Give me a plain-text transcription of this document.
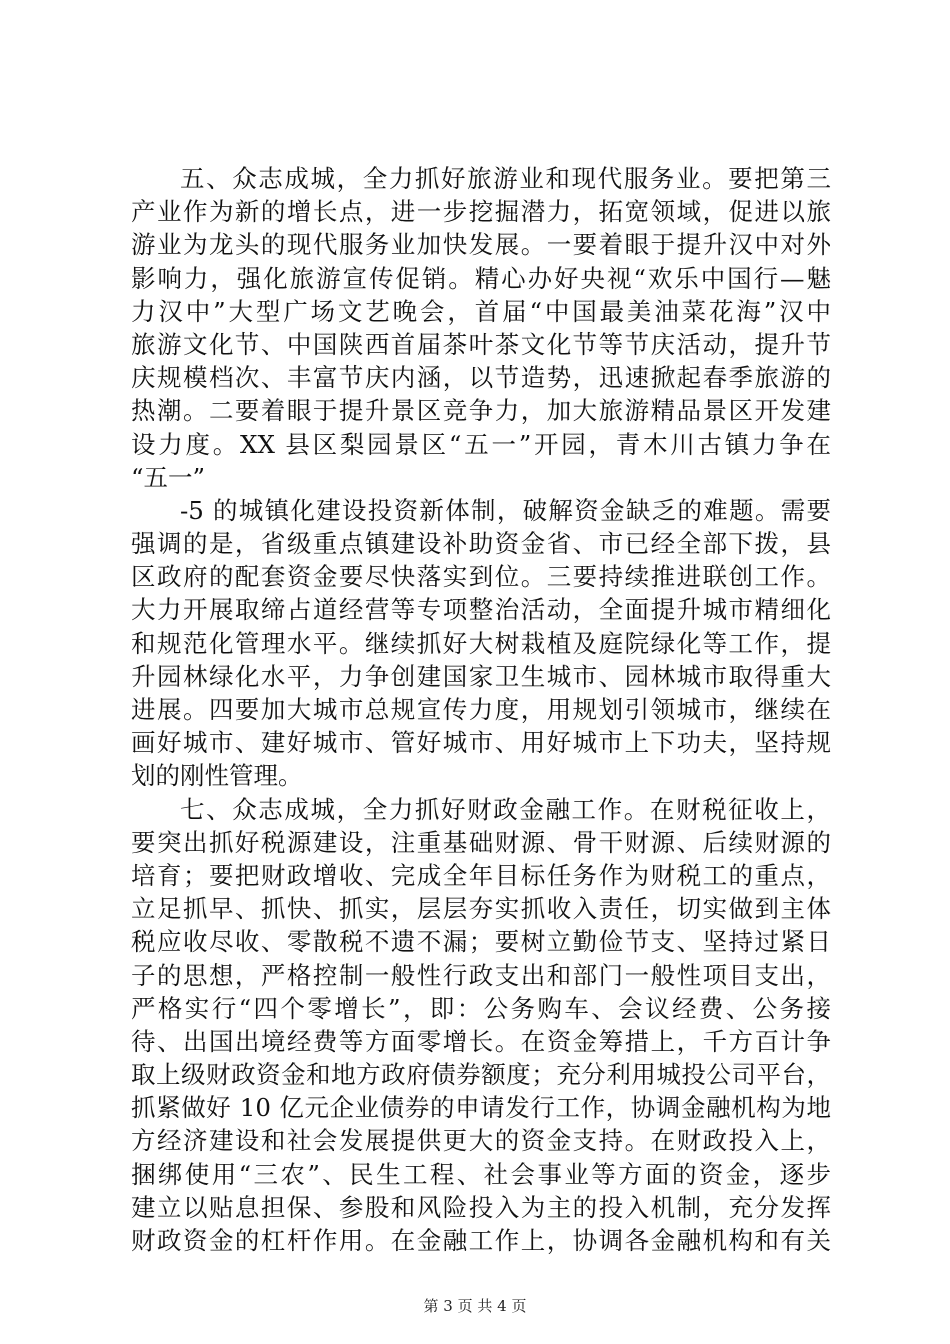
五、众志成城，全力抓好旅游业和现代服务业。要把第三
产业作为新的增长点，进一步挖掘潜力，拓宽领域，促进以旅
游业为龙头的现代服务业加快发展。一要着眼于提升汉中对外
影响力，强化旅游宣传促销。精心办好央视“欢乐中国行—魅
力汉中”大型广场文艺晚会，首届“中国最美油菜花海”汉中
旅游文化节、中国陕西首届茶叶茶文化节等节庆活动，提升节
庆规模档次、丰富节庆内涵，以节造势，迅速掀起春季旅游的
热潮。二要着眼于提升景区竞争力，加大旅游精品景区开发建
设力度。XX 县区梨园景区“五一”开园，青木川古镇力争在
“五一”
-5 的城镇化建设投资新体制，破解资金缺乏的难题。需要
强调的是，省级重点镇建设补助资金省、市已经全部下拨，县
区政府的配套资金要尽快落实到位。三要持续推进联创工作。
大力开展取缔占道经营等专项整治活动，全面提升城市精细化
和规范化管理水平。继续抓好大树栽植及庭院绿化等工作，提
升园林绿化水平，力争创建国家卫生城市、园林城市取得重大
进展。四要加大城市总规宣传力度，用规划引领城市，继续在
画好城市、建好城市、管好城市、用好城市上下功夫，坚持规
划的刚性管理。
七、众志成城，全力抓好财政金融工作。在财税征收上，
要突出抓好税源建设，注重基础财源、骨干财源、后续财源的
培育；要把财政增收、完成全年目标任务作为财税工的重点，
立足抓早、抓快、抓实，层层夯实抓收入责任，切实做到主体
税应收尽收、零散税不遗不漏；要树立勤俭节支、坚持过紧日
子的思想，严格控制一般性行政支出和部门一般性项目支出，
严格实行“四个零增长”，即：公务购车、会议经费、公务接
待、出国出境经费等方面零增长。在资金筹措上，千方百计争
取上级财政资金和地方政府债券额度；充分利用城投公司平台，
抓紧做好 10 亿元企业债券的申请发行工作，协调金融机构为地
方经济建设和社会发展提供更大的资金支持。在财政投入上，
捆绑使用“三农”、民生工程、社会事业等方面的资金，逐步
建立以贴息担保、参股和风险投入为主的投入机制，充分发挥
财政资金的杠杆作用。在金融工作上，协调各金融机构和有关
第 3 页 共 4 页
